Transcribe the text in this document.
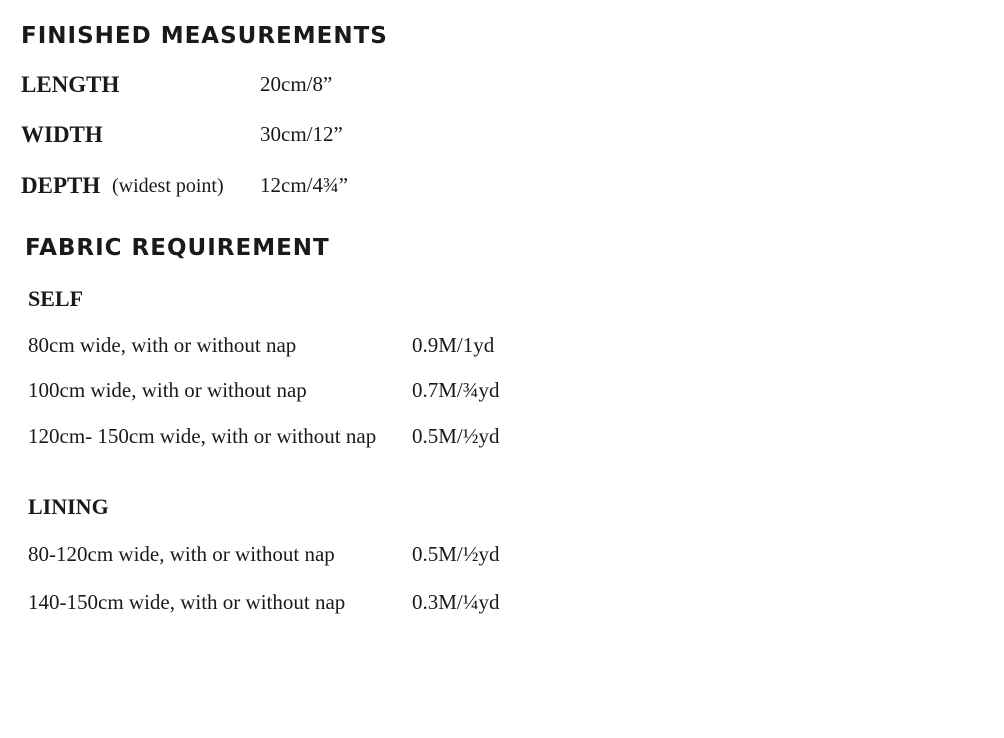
FINISHED MEASUREMENTS
LENGTH	20cm/8”
WIDTH	30cm/12”
DEPTH (widest point) 12cm/4¾”
FABRIC REQUIREMENT
SELF
80cm wide, with or without nap	0.9M/1yd
100cm wide, with or without nap	0.7M/¾yd
120cm- 150cm wide, with or without nap 0.5M/½yd
LINING
80-120cm wide, with or without nap	0.5M/½yd
140-150cm wide, with or without nap	0.3M/¼yd
